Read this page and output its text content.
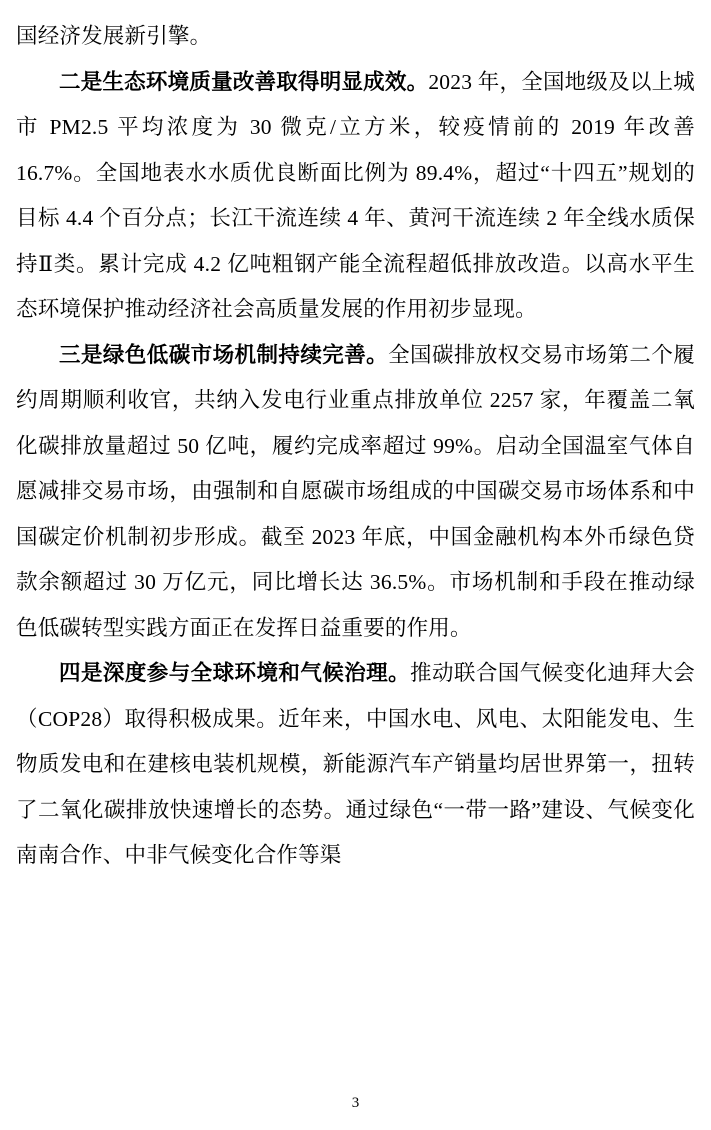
国经济发展新引擎。

二是生态环境质量改善取得明显成效。2023 年，全国地级及以上城市 PM2.5 平均浓度为 30 微克/立方米，较疫情前的 2019 年改善 16.7%。全国地表水水质优良断面比例为 89.4%，超过“十四五”规划的目标 4.4 个百分点；长江干流连续 4 年、黄河干流连续 2 年全线水质保持Ⅱ类。累计完成 4.2 亿吨粗钢产能全流程超低排放改造。以高水平生态环境保护推动经济社会高质量发展的作用初步显现。

三是绿色低碳市场机制持续完善。全国碳排放权交易市场第二个履约周期顺利收官，共纳入发电行业重点排放单位 2257 家，年覆盖二氧化碳排放量超过 50 亿吨，履约完成率超过 99%。启动全国温室气体自愿减排交易市场，由强制和自愿碳市场组成的中国碳交易市场体系和中国碳定价机制初步形成。截至 2023 年底，中国金融机构本外币绿色贷款余额超过 30 万亿元，同比增长达 36.5%。市场机制和手段在推动绿色低碳转型实践方面正在发挥日益重要的作用。

四是深度参与全球环境和气候治理。推动联合国气候变化迪拜大会（COP28）取得积极成果。近年来，中国水电、风电、太阳能发电、生物质发电和在建核电装机规模，新能源汽车产销量均居世界第一，扭转了二氧化碳排放快速增长的态势。通过绿色“一带一路”建设、气候变化南南合作、中非气候变化合作等渠

3
